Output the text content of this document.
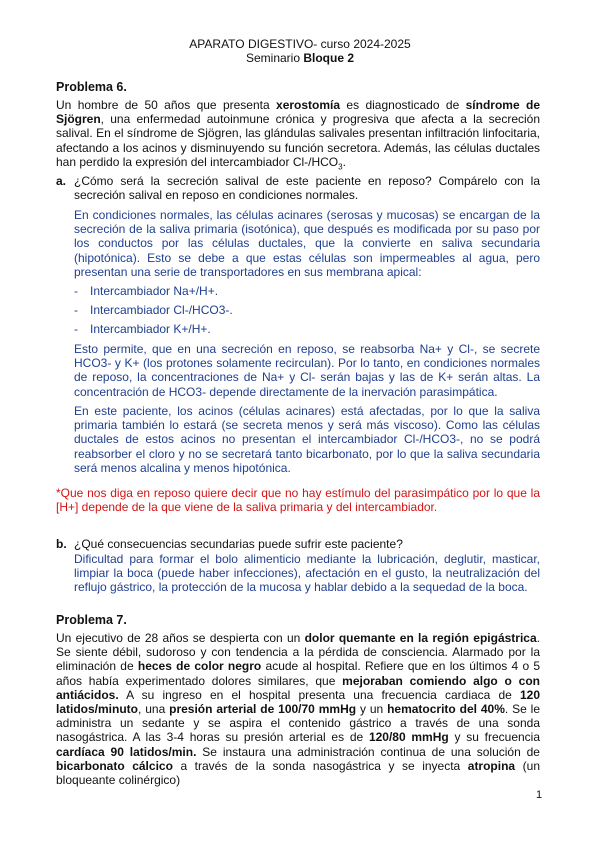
APARATO DIGESTIVO- curso 2024-2025
Seminario Bloque 2
Problema 6.

Un hombre de 50 años que presenta xerostomía es diagnosticado de síndrome de Sjögren, una enfermedad autoinmune crónica y progresiva que afecta a la secreción salival. En el síndrome de Sjögren, las glándulas salivales presentan infiltración linfocitaria, afectando a los acinos y disminuyendo su función secretora. Además, las células ductales han perdido la expresión del intercambiador $Cl-/HCO_3$.

a. ¿Cómo será la secreción salival de este paciente en reposo? Compárelo con la secreción salival en reposo en condiciones normales.
En condiciones normales, las células acinares (serosas y mucosas) se encargan de la secreción de la saliva primaria (isotónica), que después es modificada por su paso por los conductos por las células ductales, que la convierte en saliva secundaria (hipotónica). Esto se debe a que estas células son impermeables al agua, pero presentan una serie de transportadores en sus membrana apical:
- Intercambiador Na+/H+.
- Intercambiador Cl-/HCO3-.
- Intercambiador K+/H+.
Esto permite, que en una secreción en reposo, se reabsorba Na+ y Cl-, se secrete HCO3- y K+ (los protones solamente recirculan). Por lo tanto, en condiciones normales de reposo, la concentraciones de Na+ y Cl- serán bajas y las de K+ serán altas. La concentración de HCO3- depende directamente de la inervación parasimpática.
En este paciente, los acinos (células acinares) está afectadas, por lo que la saliva primaria también lo estará (se secreta menos y será más viscoso). Como las células ductales de estos acinos no presentan el intercambiador Cl-/HCO3-, no se podrá reabsorber el cloro y no se secretará tanto bicarbonato, por lo que la saliva secundaria será menos alcalina y menos hipotónica.
*Que nos diga en reposo quiere decir que no hay estímulo del parasimpático por lo que la [H+] depende de la que viene de la saliva primaria y del intercambiador.
b. ¿Qué consecuencias secundarias puede sufrir este paciente?
Dificultad para formar el bolo alimenticio mediante la lubricación, deglutir, masticar, limpiar la boca (puede haber infecciones), afectación en el gusto, la neutralización del reflujo gástrico, la protección de la mucosa y hablar debido a la sequedad de la boca.
Problema 7.

Un ejecutivo de 28 años se despierta con un dolor quemante en la región epigástrica. Se siente débil, sudoroso y con tendencia a la pérdida de consciencia. Alarmado por la eliminación de heces de color negro acude al hospital. Refiere que en los últimos 4 o 5 años había experimentado dolores similares, que mejoraban comiendo algo o con antiácidos. A su ingreso en el hospital presenta una frecuencia cardiaca de 120 latidos/minuto, una presión arterial de 100/70 mmHg y un hematocrito del 40%. Se le administra un sedante y se aspira el contenido gástrico a través de una sonda nasogástrica. A las 3-4 horas su presión arterial es de 120/80 mmHg y su frecuencia cardíaca 90 latidos/min. Se instaura una administración continua de una solución de bicarbonato cálcico a través de la sonda nasogástrica y se inyecta atropina (un bloqueante colinérgico)

1
